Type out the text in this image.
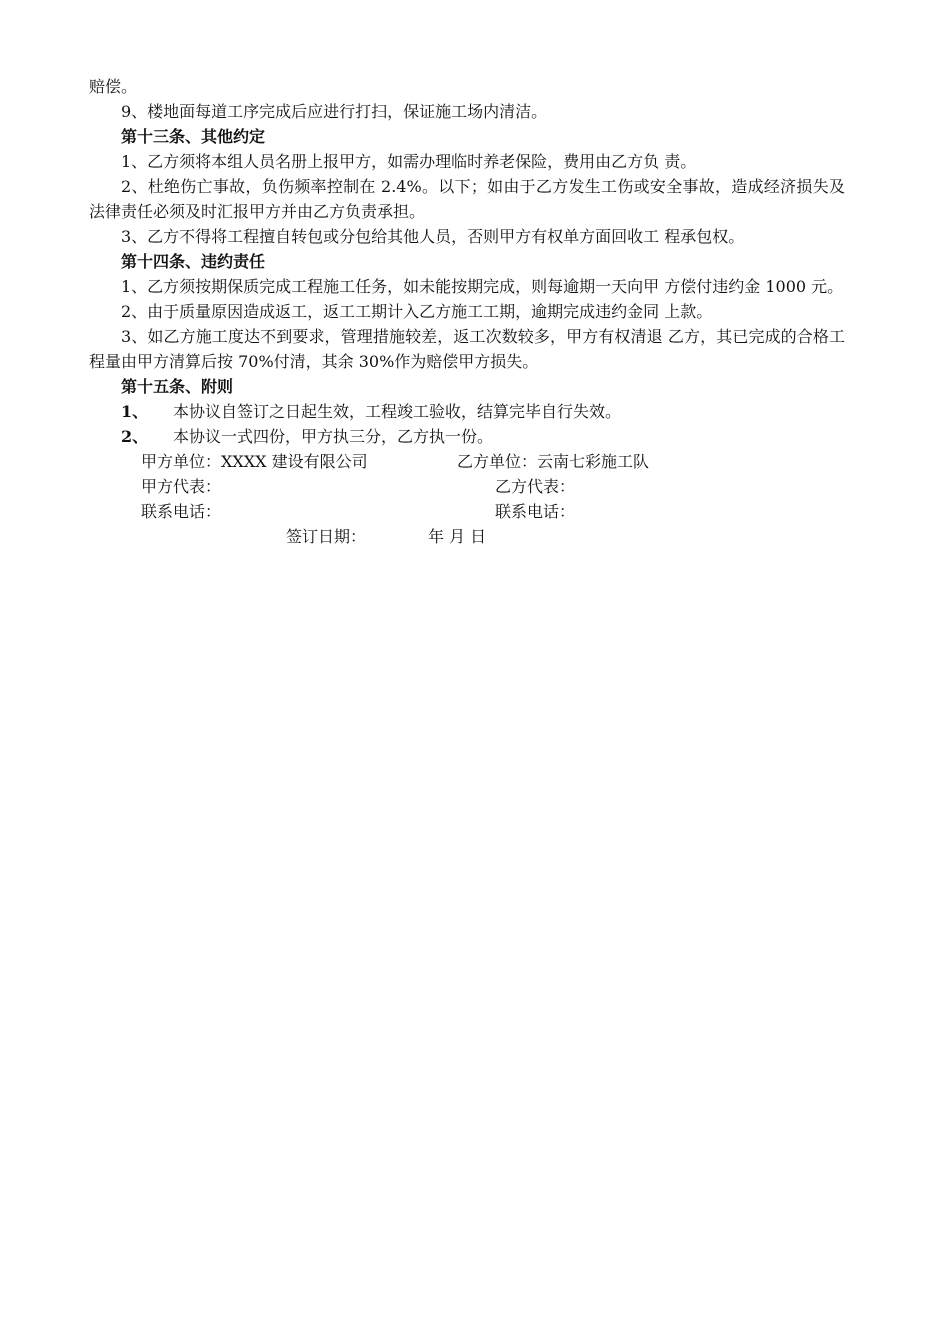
赔偿。

9、楼地面每道工序完成后应进行打扫，保证施工场内清洁。

第十三条、其他约定

1、乙方须将本组人员名册上报甲方，如需办理临时养老保险，费用由乙方负 责。

2、杜绝伤亡事故，负伤频率控制在 2.4%。以下；如由于乙方发生工伤或安全事故，造成经济损失及法律责任必须及时汇报甲方并由乙方负责承担。

3、乙方不得将工程擅自转包或分包给其他人员，否则甲方有权单方面回收工 程承包权。

第十四条、违约责任

1、乙方须按期保质完成工程施工任务，如未能按期完成，则每逾期一天向甲 方偿付违约金 1000 元。

2、由于质量原因造成返工，返工工期计入乙方施工工期，逾期完成违约金同 上款。

3、如乙方施工度达不到要求，管理措施较差，返工次数较多，甲方有权清退 乙方，其已完成的合格工程量由甲方清算后按 70%付清，其余 30%作为赔偿甲方损失。

第十五条、附则

1、 本协议自签订之日起生效，工程竣工验收，结算完毕自行失效。

2、 本协议一式四份，甲方执三分，乙方执一份。

甲方单位：XXXX 建设有限公司	乙方单位：云南七彩施工队
甲方代表：	乙方代表：
联系电话：	联系电话：
签订日期：	年 月 日
